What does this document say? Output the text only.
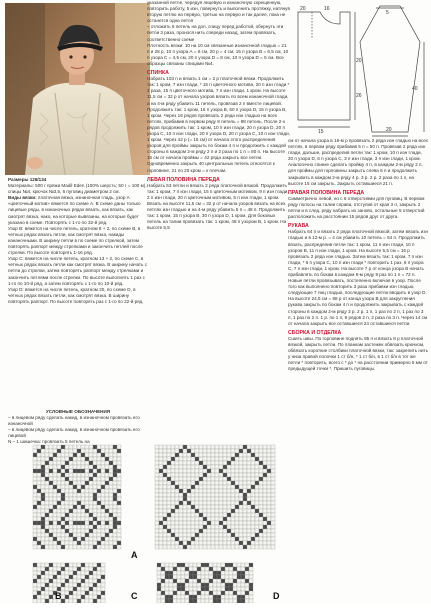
20	16
20
26
15
5
40
20

Размеры 128/134

Материалы: 500 г пряжи Madil Eden (100% шерсть; 50 г = 100 м), спицы №4, крючок №3,5, 6 пуговиц диаметром 2 см.

Виды вязки: платочная вязка, изнаночная гладь, узор А «цветочный мотив» вяжется по схеме А. В схеме даны только лицевые ряды, в изнаночных рядах вязать, как вязать, как смотрят вязка, нако, на которые вывязаны, на которые будет указано в схеме. Повторять с 1-го по 32-й ряд.

Узор В: вяжется на числе петель, кратном 8 + 2, по схеме В, в четных рядах вязать петли, как смотрят вязка, накиды изнаночными. В ширину петли в по схеме по стрелкой, затем повторять раппорт между стрелками и закончить петлей после стрелки. По высоте повторять 1-16 ряд.

Узор С: вяжется на числе петель, кратном 13 + 2, по схеме С, в четных рядах вязать петли как смотрят вязка. В ширину начать с петли до стрелки, затем повторять раппорт между стрелками и закончить петлями после стрелки. По высоте выполнять 1 раз с 1-го по 10-й ряд, а затем повторять с 1-го по 10-й ряд.

Узор D: вяжется на числе петель, кратном 20, по схеме D, в четных рядах вязать петли, как смотрят вязка. В ширину повторять раппорт. По высоте повторять раз с 1-го по 22-й ряд.

УСЛОВНЫЕ ОБОЗНАЧЕНИЯ

– в лицевом ряду сделать накид, в изнаночном провязать его изнаночной

– в лицевом ряду сделать накид, в изнаночном провязать его лицевой

N – 1 шишечка: провязать 5 петель на

указанной петле, чередуя лицевую и изнаночную скрещенную, повторить работу, 5 изн, повернуть и выполнить протяжку, натянув вторую петлю на первую, третью на первую и так далее, пока не останется одна петля

– отложить 6 петель на доп. спицу перед работой, обернуть эти петли 3 раза, пронося нить спереди назад, затем провязать, соответственно схеме

Плотность вязки: 10 на 10 см связанные изнаночной гладью = 21 п и 28 р, 10 п узора А = 6 см, 20 р = 4 см, 15 п узора В = 6,5 см, 10 п узора С = 4,5 см, 20 п узора D = 8 см, 10 п узора D = 5 см. Все образцы связаны спицами №4.

СПИНКА

Набрать 103 п и вязать 1 см = 2 р платочной вязки. Продолжить так: 1 кром, 7 изн глади, * 15 п цветочного мотива, 20 п изн глади * 2 раза, 15 п цветочного мотива, 7 п изн глади, 1 кром. На высоте 11,5 см = 32 р от начала узоров вязать по всем изнаночной глади, а на 4-м ряду убавить 11 петель, провязав 2 п вместе лицевой. Продолжить так: 1 кром, 15 п узора В, 60 п узора D, 15 п узора В, 1 кром. Через 16 рядов провязать 2 ряда изн гладью на всех петлях, прибавив в первом ряду 8 петель = 98 петель. После 2-х рядов продолжить так: 1 кром, 10 п изн глади, 20 п узора D, 20 п узора C, 10 п изн глади, 20 п узора D, 20 п узора C, 10 п изн глади, 1 кром. Через 42 р (= 15 см) от начала этого распределения узоров для проймы закрыть по бокам 4 п и продолжить с каждой стороны в каждом 2-м ряду 2 п и 2 раза по 1 п = 80 п. На высоте 15 см от начала проймы = 42 ряда закрыть все петли. Одновременно закрыть 40 центральных петель относятся к горловине, 21 по 20 кром = к плечам.

ЛЕВАЯ ПОЛОВИНА ПЕРЕДА

Набрать 53 петли и вязать 2 ряда платочной вязкой. Продолжить так: 1 кром, 7 п изн глади, 15 п цветочным мотивом, 9 п изн глади, 2 п изн глади, 20 п цветочным мотивом, 5 п изн глади, 1 кром. Вязать на высоте 11,5 см = 32 р от начала узоров вязать на всех петлях изн гладью и на 4-м ряду убавить 5 п = 48 п. Продолжить так: 1 кром, 15 п узора В, 30 п узора D, 1 кром. Для боковых петель на талии провязать так: 1 кром, 48 п узором В, 1 кром. На высоте 5,5

см от начала узора в 16-м р провязать 2 ряда изн гладью на всех петлях, в первом ряду прибавив 5 п = 50 п. Провязав 2 ряда изн глади, дальше, распределив петли так: 1 кром, 10 п изн глади, 20 п узора D, 6 п узора С, 3 п изн глади, 3 п изн глади, 1 кром. Аналогично спинке сделать пройму 4 п, в каждом 2-м ряду 2 п, для проймы для горловины закрыть слева 6 п и продолжить закрывать в каждом 2-м ряду 4 р. 3 р. 2 р. 2 раза по 1 п, на высоте 15 см закрыть. Закрыть оставшиеся 21 п.

ПРАВАЯ ПОЛОВИНА ПЕРЕДА

Симметрично левой, но с 6 отверстиями для пуговиц. В первом ряду полосы на талии справа, отступив от края 3 п, закрыть 2 петли и в след. ряду набрать их заново, остальные 5 отверстий расположить на расстоянии 15 рядов друг от друга.

РУКАВА

Набрать 64 п и вязать 2 ряда платочной вязкой, затем вязать изн гладью и в 12-м р. = 4 см убавить 10 петель = 54 п. Продолжить вязать, распределив петли так: 1 кром, 11 п изн глади, 10 п узоров В, 11 п изн глади, 1 кром. На высоте 5,5 см = 16 р провязать 2 ряда изн гладью. Затем вязать так: 1 кром, 7 п изн глади, * 6 п узора С, 10 п изн глади * повторить 1 раз, 6 п узора С, 7 п изн глади, 1 кром. На высоте 7 р от конца узора В начать прибавлять по бокам в каждом 6-м ряду 9 раз по 1 п = 72 п. Новые петли провязывать, постепенно включая в узор. После того как выполнено повторить 3 раза прибавки изн гладью, следующие 7 лиц гладью, последующие петли вводить в узор D. На высоте 24,5 см = 68 р от конца узора В для закругления рукава закрыть по бокам 4 п и продолжить закрывать с каждой стороны в каждом 2-м ряду 3 р. 2 р. 1 п, 1 раз по 2 п, 1 раз по 3 п, 1 раз по 2 п. 1 р. по 1 п, 8 рядов 2 п, 2 раза по 3 п. Через 14 см от начала закрыть все оставшиеся 24 оставшиеся петли.

СБОРКА И ОТДЕЛКА

Сшить швы. По горловине поднять 85 п и вязать 8 р платочной вязкой, закрыть петли. По планкам застежек обвязать крючком, обвязать короткие столбики платочной вязки, так: закрепить нить у низа правой полочки 1 ст б/н, * 1 ст б/н, в 1 ст б/н в тот же петли * повторить, всего с * до * на расстоянии примерно 5 мм от предыдущей точки *. Пришить пуговицы.

A
B	C	D
